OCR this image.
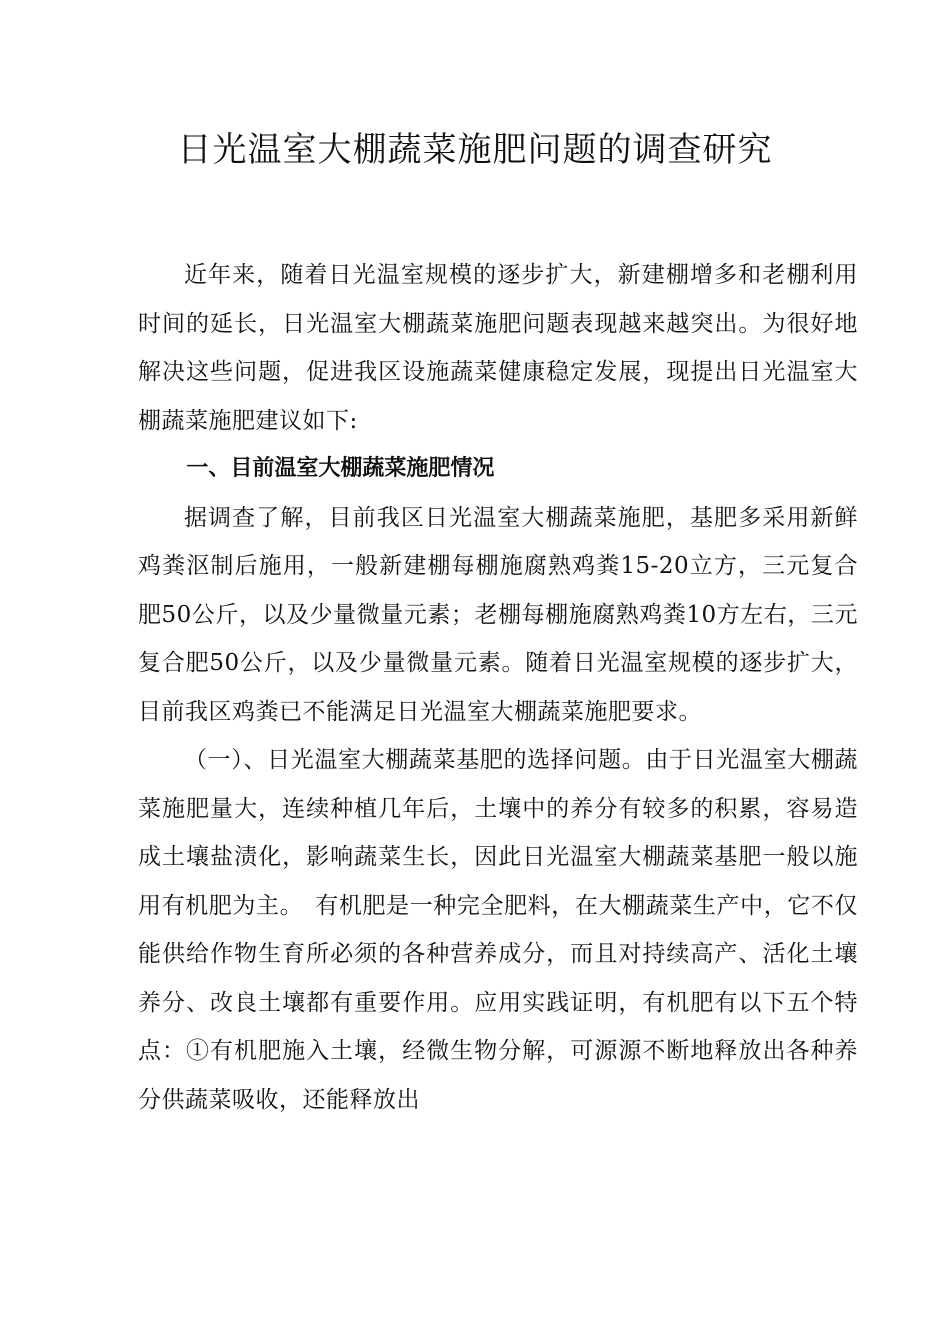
日光温室大棚蔬菜施肥问题的调查研究

近年来，随着日光温室规模的逐步扩大，新建棚增多和老棚利用时间的延长，日光温室大棚蔬菜施肥问题表现越来越突出。为很好地解决这些问题，促进我区设施蔬菜健康稳定发展，现提出日光温室大棚蔬菜施肥建议如下:

一、目前温室大棚蔬菜施肥情况

据调查了解，目前我区日光温室大棚蔬菜施肥，基肥多采用新鲜鸡粪沤制后施用，一般新建棚每棚施腐熟鸡粪15-20立方，三元复合肥50公斤，以及少量微量元素；老棚每棚施腐熟鸡粪10方左右，三元复合肥50公斤，以及少量微量元素。随着日光温室规模的逐步扩大，目前我区鸡粪已不能满足日光温室大棚蔬菜施肥要求。

（一）、日光温室大棚蔬菜基肥的选择问题。由于日光温室大棚蔬菜施肥量大，连续种植几年后，土壤中的养分有较多的积累，容易造成土壤盐渍化，影响蔬菜生长，因此日光温室大棚蔬菜基肥一般以施用有机肥为主。　有机肥是一种完全肥料，在大棚蔬菜生产中，它不仅能供给作物生育所必须的各种营养成分，而且对持续高产、活化土壤养分、改良土壤都有重要作用。应用实践证明，有机肥有以下五个特点：①有机肥施入土壤，经微生物分解，可源源不断地释放出各种养分供蔬菜吸收，还能释放出
